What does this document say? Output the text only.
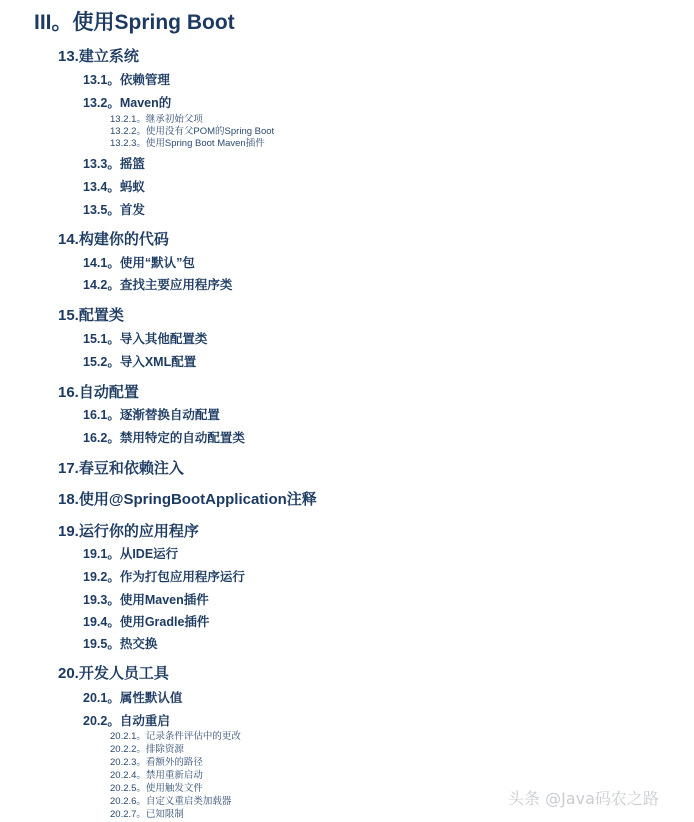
III。使用Spring Boot
13.建立系统
13.1。依赖管理
13.2。Maven的
13.2.1。继承初始父项
13.2.2。使用没有父POM的Spring Boot
13.2.3。使用Spring Boot Maven插件
13.3。摇篮
13.4。蚂蚁
13.5。首发
14.构建你的代码
14.1。使用“默认”包
14.2。查找主要应用程序类
15.配置类
15.1。导入其他配置类
15.2。导入XML配置
16.自动配置
16.1。逐渐替换自动配置
16.2。禁用特定的自动配置类
17.春豆和依赖注入
18.使用@SpringBootApplication注释
19.运行你的应用程序
19.1。从IDE运行
19.2。作为打包应用程序运行
19.3。使用Maven插件
19.4。使用Gradle插件
19.5。热交换
20.开发人员工具
20.1。属性默认值
20.2。自动重启
20.2.1。记录条件评估中的更改
20.2.2。排除资源
20.2.3。看额外的路径
20.2.4。禁用重新启动
20.2.5。使用触发文件
20.2.6。自定义重启类加载器
20.2.7。已知限制
头条 @Java码农之路
